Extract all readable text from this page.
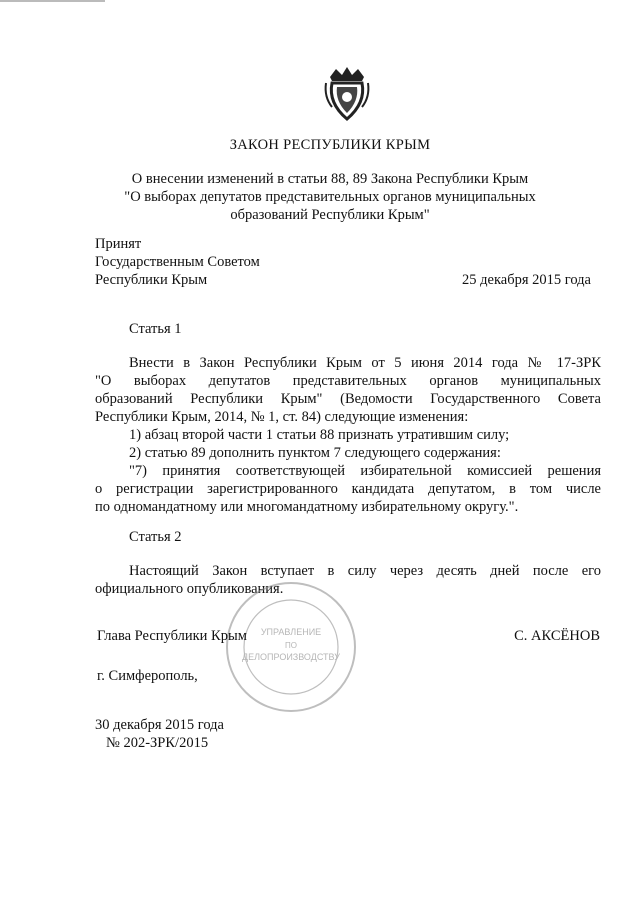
ЗАКОН РЕСПУБЛИКИ КРЫМ
О внесении изменений в статьи 88, 89 Закона Республики Крым
"О выборах депутатов представительных органов муниципальных
образований Республики Крым"
Принят
Государственным Советом
Республики Крым	25 декабря 2015 года
Статья 1
Внести в Закон Республики Крым от 5 июня 2014 года № 17-ЗРК
"О выборах депутатов представительных органов муниципальных
образований Республики Крым" (Ведомости Государственного Совета
Республики Крым, 2014, № 1, ст. 84) следующие изменения:
1) абзац второй части 1 статьи 88 признать утратившим силу;
2) статью 89 дополнить пунктом 7 следующего содержания:
"7) принятия соответствующей избирательной комиссией решения
о регистрации зарегистрированного кандидата депутатом, в том числе
по одномандатному или многомандатному избирательному округу.".
Статья 2
Настоящий Закон вступает в силу через десять дней после его
официального опубликования.
УПРАВЛЕНИЕ
ПО
ДЕЛОПРОИЗВОДСТВУ
Глава Республики Крым	С. АКСЁНОВ
г. Симферополь,
30 декабря 2015 года
№ 202-ЗРК/2015
